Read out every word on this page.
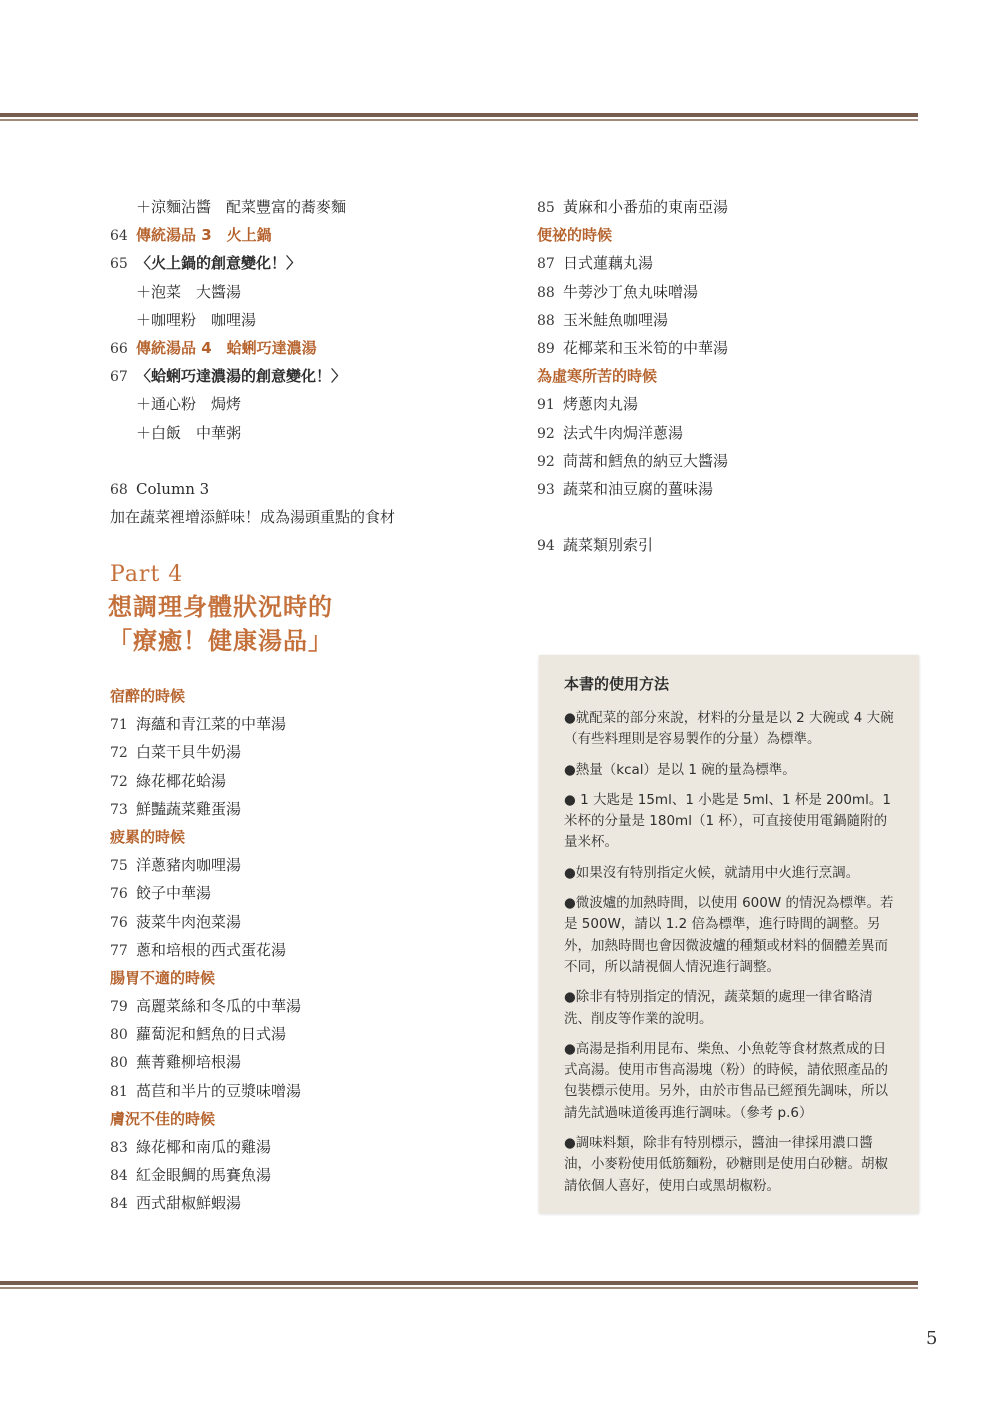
＋涼麵沾醬　配菜豐富的蕎麥麵
64 傳統湯品 3　火上鍋
65 〈火上鍋的創意變化！〉
＋泡菜　大醬湯
＋咖哩粉　咖哩湯
66 傳統湯品 4　蛤蜊巧達濃湯
67 〈蛤蜊巧達濃湯的創意變化！〉
＋通心粉　焗烤
＋白飯　中華粥
68 Column 3
加在蔬菜裡增添鮮味！成為湯頭重點的食材
Part 4
想調理身體狀況時的
「療癒！健康湯品」
宿醉的時候
71 海蘊和青江菜的中華湯
72 白菜干貝牛奶湯
72 綠花椰花蛤湯
73 鮮豔蔬菜雞蛋湯
疲累的時候
75 洋蔥豬肉咖哩湯
76 餃子中華湯
76 菠菜牛肉泡菜湯
77 蔥和培根的西式蛋花湯
腸胃不適的時候
79 高麗菜絲和冬瓜的中華湯
80 蘿蔔泥和鱈魚的日式湯
80 蕪菁雞柳培根湯
81 萵苣和半片的豆漿味噌湯
膚況不佳的時候
83 綠花椰和南瓜的雞湯
84 紅金眼鯛的馬賽魚湯
84 西式甜椒鮮蝦湯
85 黃麻和小番茄的東南亞湯
便祕的時候
87 日式蓮藕丸湯
88 牛蒡沙丁魚丸味噌湯
88 玉米鮭魚咖哩湯
89 花椰菜和玉米筍的中華湯
為虛寒所苦的時候
91 烤蔥肉丸湯
92 法式牛肉焗洋蔥湯
92 茼蒿和鱈魚的納豆大醬湯
93 蔬菜和油豆腐的薑味湯
94 蔬菜類別索引
本書的使用方法
●就配菜的部分來說，材料的分量是以 2 大碗或 4 大碗（有些料理則是容易製作的分量）為標準。
●熱量（kcal）是以 1 碗的量為標準。
● 1 大匙是 15ml、1 小匙是 5ml、1 杯是 200ml。1 米杯的分量是 180ml（1 杯），可直接使用電鍋隨附的量米杯。
●如果沒有特別指定火候，就請用中火進行烹調。
●微波爐的加熱時間，以使用 600W 的情況為標準。若是 500W，請以 1.2 倍為標準，進行時間的調整。另外，加熱時間也會因微波爐的種類或材料的個體差異而不同，所以請視個人情況進行調整。
●除非有特別指定的情況，蔬菜類的處理一律省略清洗、削皮等作業的說明。
●高湯是指利用昆布、柴魚、小魚乾等食材熬煮成的日式高湯。使用市售高湯塊（粉）的時候，請依照產品的包裝標示使用。另外，由於市售品已經預先調味，所以請先試過味道後再進行調味。（參考 p.6）
●調味料類，除非有特別標示，醬油一律採用濃口醬油，小麥粉使用低筋麵粉，砂糖則是使用白砂糖。胡椒請依個人喜好，使用白或黑胡椒粉。
5
